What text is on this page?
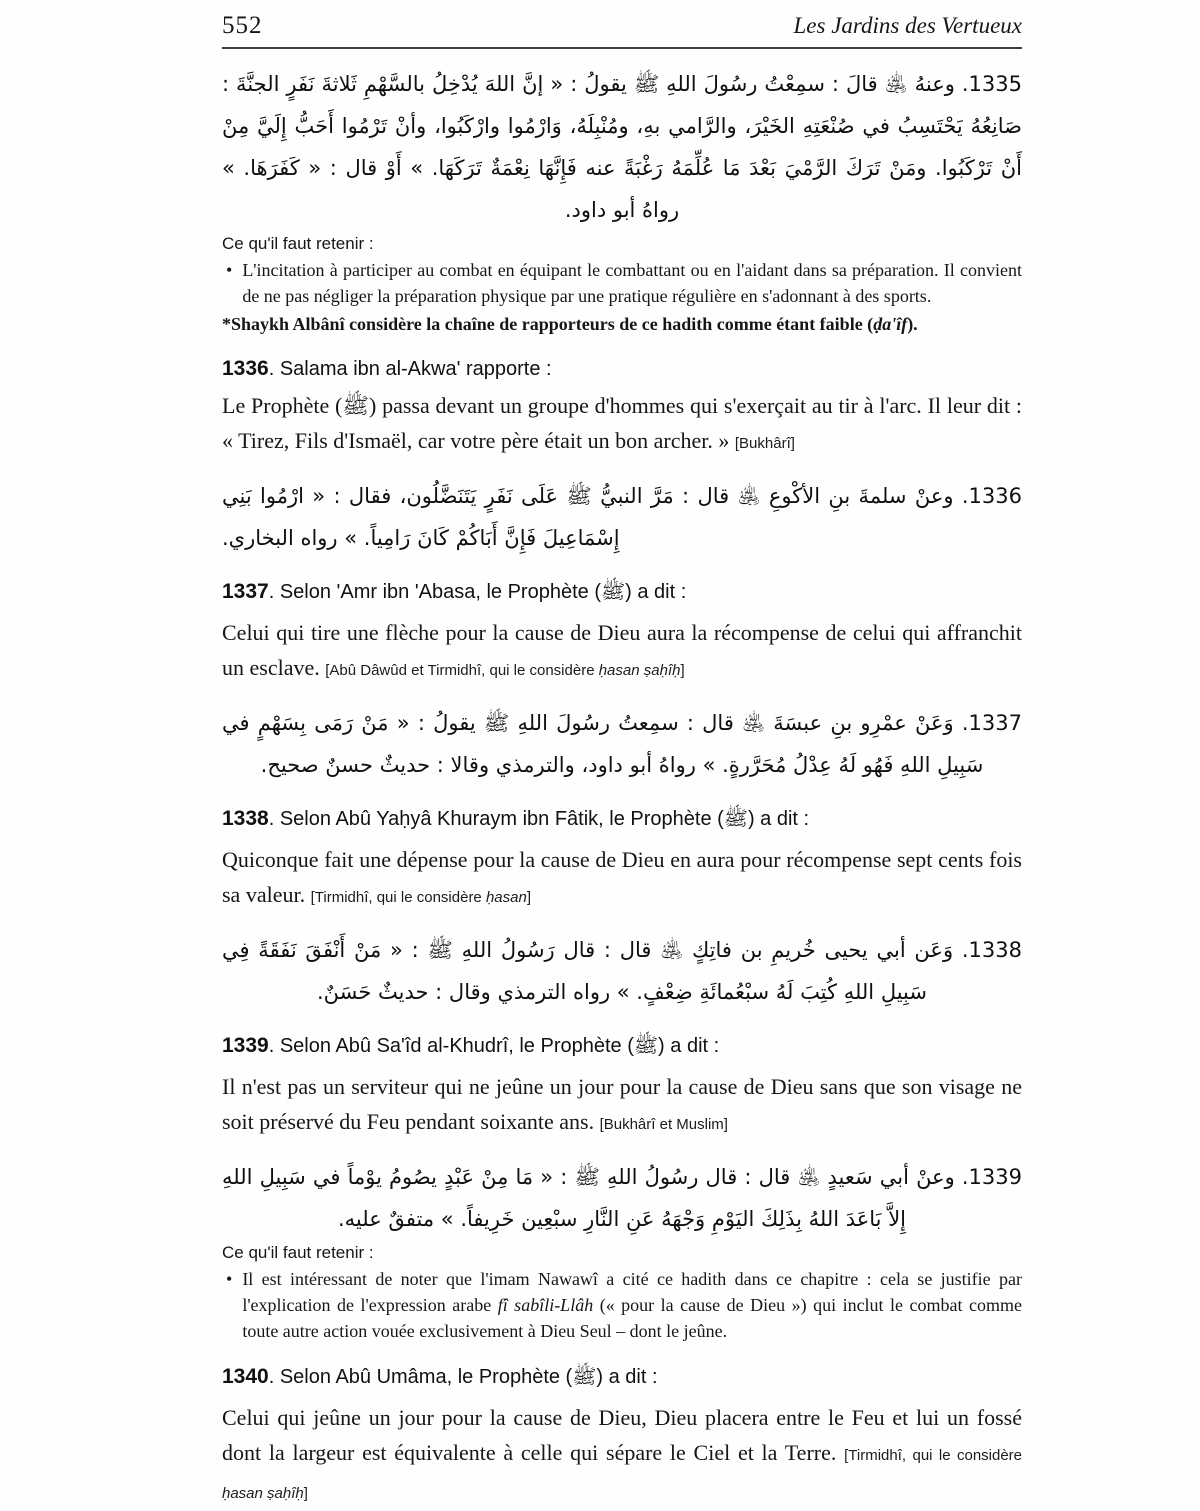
552	Les Jardins des Vertueux

1335. وعنهُ ﵁ قالَ : سمِعْتُ رسُولَ اللهِ ﷺ يقولُ : « إنَّ اللهَ يُدْخِلُ بالسَّهْمِ ثَلاثةَ نَفَرٍ الجنَّةَ : صَانِعُهُ يَحْتَسِبُ في صُنْعَتِهِ الخَيْرَ، والرَّامي بهِ، ومُنْبِلَهُ، وَارْمُوا وارْكَبُوا، وأنْ تَرْمُوا أَحَبُّ إِلَيَّ مِنْ أَنْ تَرْكَبُوا. ومَنْ تَرَكَ الرَّمْيَ بَعْدَ مَا عُلِّمَهُ رَغْبَةً عنه فَإِنَّهَا نِعْمَةٌ تَرَكَهَا. » أَوْ قال : « كَفَرَهَا. » رواهُ أبو داود.

Ce qu'il faut retenir :
• L'incitation à participer au combat en équipant le combattant ou en l'aidant dans sa préparation. Il convient de ne pas négliger la préparation physique par une pratique régulière en s'adonnant à des sports.
*Shaykh Albânî considère la chaîne de rapporteurs de ce hadith comme étant faible (ḍa'îf).
1336. Salama ibn al-Akwa' rapporte :

Le Prophète (ﷺ) passa devant un groupe d'hommes qui s'exerçait au tir à l'arc. Il leur dit : « Tirez, Fils d'Ismaël, car votre père était un bon archer. » [Bukhârî]

1336. وعنْ سلمةَ بنِ الأكْوعِ ﵁ قال : مَرَّ النبيُّ ﷺ عَلَى نَفَرٍ يَتَنَضَّلُون، فقال : « ارْمُوا بَنِي إِسْمَاعِيلَ فَإِنَّ أَبَاكُمْ كَانَ رَامِياً. » رواه البخاري.

1337. Selon 'Amr ibn 'Abasa, le Prophète (ﷺ) a dit :

Celui qui tire une flèche pour la cause de Dieu aura la récompense de celui qui affranchit un esclave. [Abû Dâwûd et Tirmidhî, qui le considère ḥasan ṣaḥîḥ]

1337. وَعَنْ عمْرِو بنِ عبسَةَ ﵁ قال : سمِعتُ رسُولَ اللهِ ﷺ يقولُ : « مَنْ رَمَى بِسَهْمٍ في سَبِيلِ اللهِ فَهُو لَهُ عِدْلُ مُحَرَّرةٍ. » رواهُ أبو داود، والترمذي وقالا : حديثٌ حسنٌ صحيح.

1338. Selon Abû Yaḥyâ Khuraym ibn Fâtik, le Prophète (ﷺ) a dit :

Quiconque fait une dépense pour la cause de Dieu en aura pour récompense sept cents fois sa valeur. [Tirmidhî, qui le considère ḥasan]

1338. وَعَن أبي يحيى خُريمِ بن فاتِكٍ ﵁ قال : قال رَسُولُ اللهِ ﷺ : « مَنْ أَنْفَقَ نَفَقَةً فِي سَبِيلِ اللهِ كُتِبَ لَهُ سبْعُمائَةِ ضِعْفٍ. » رواه الترمذي وقال : حديثٌ حَسَنٌ.

1339. Selon Abû Sa'îd al-Khudrî, le Prophète (ﷺ) a dit :

Il n'est pas un serviteur qui ne jeûne un jour pour la cause de Dieu sans que son visage ne soit préservé du Feu pendant soixante ans. [Bukhârî et Muslim]

1339. وعنْ أبي سَعيدٍ ﵁ قال : قال رسُولُ اللهِ ﷺ : « مَا مِنْ عَبْدٍ يصُومُ يوْماً في سَبِيلِ اللهِ إِلاَّ بَاعَدَ اللهُ بِذَلِكَ اليَوْمِ وَجْهَهُ عَنِ النَّارِ سبْعِين خَرِيفاً. » متفقٌ عليه.

Ce qu'il faut retenir :
• Il est intéressant de noter que l'imam Nawawî a cité ce hadith dans ce chapitre : cela se justifie par l'explication de l'expression arabe fî sabîli-Llâh (« pour la cause de Dieu ») qui inclut le combat comme toute autre action vouée exclusivement à Dieu Seul – dont le jeûne.
1340. Selon Abû Umâma, le Prophète (ﷺ) a dit :

Celui qui jeûne un jour pour la cause de Dieu, Dieu placera entre le Feu et lui un fossé dont la largeur est équivalente à celle qui sépare le Ciel et la Terre. [Tirmidhî, qui le considère ḥasan ṣaḥîḥ]
